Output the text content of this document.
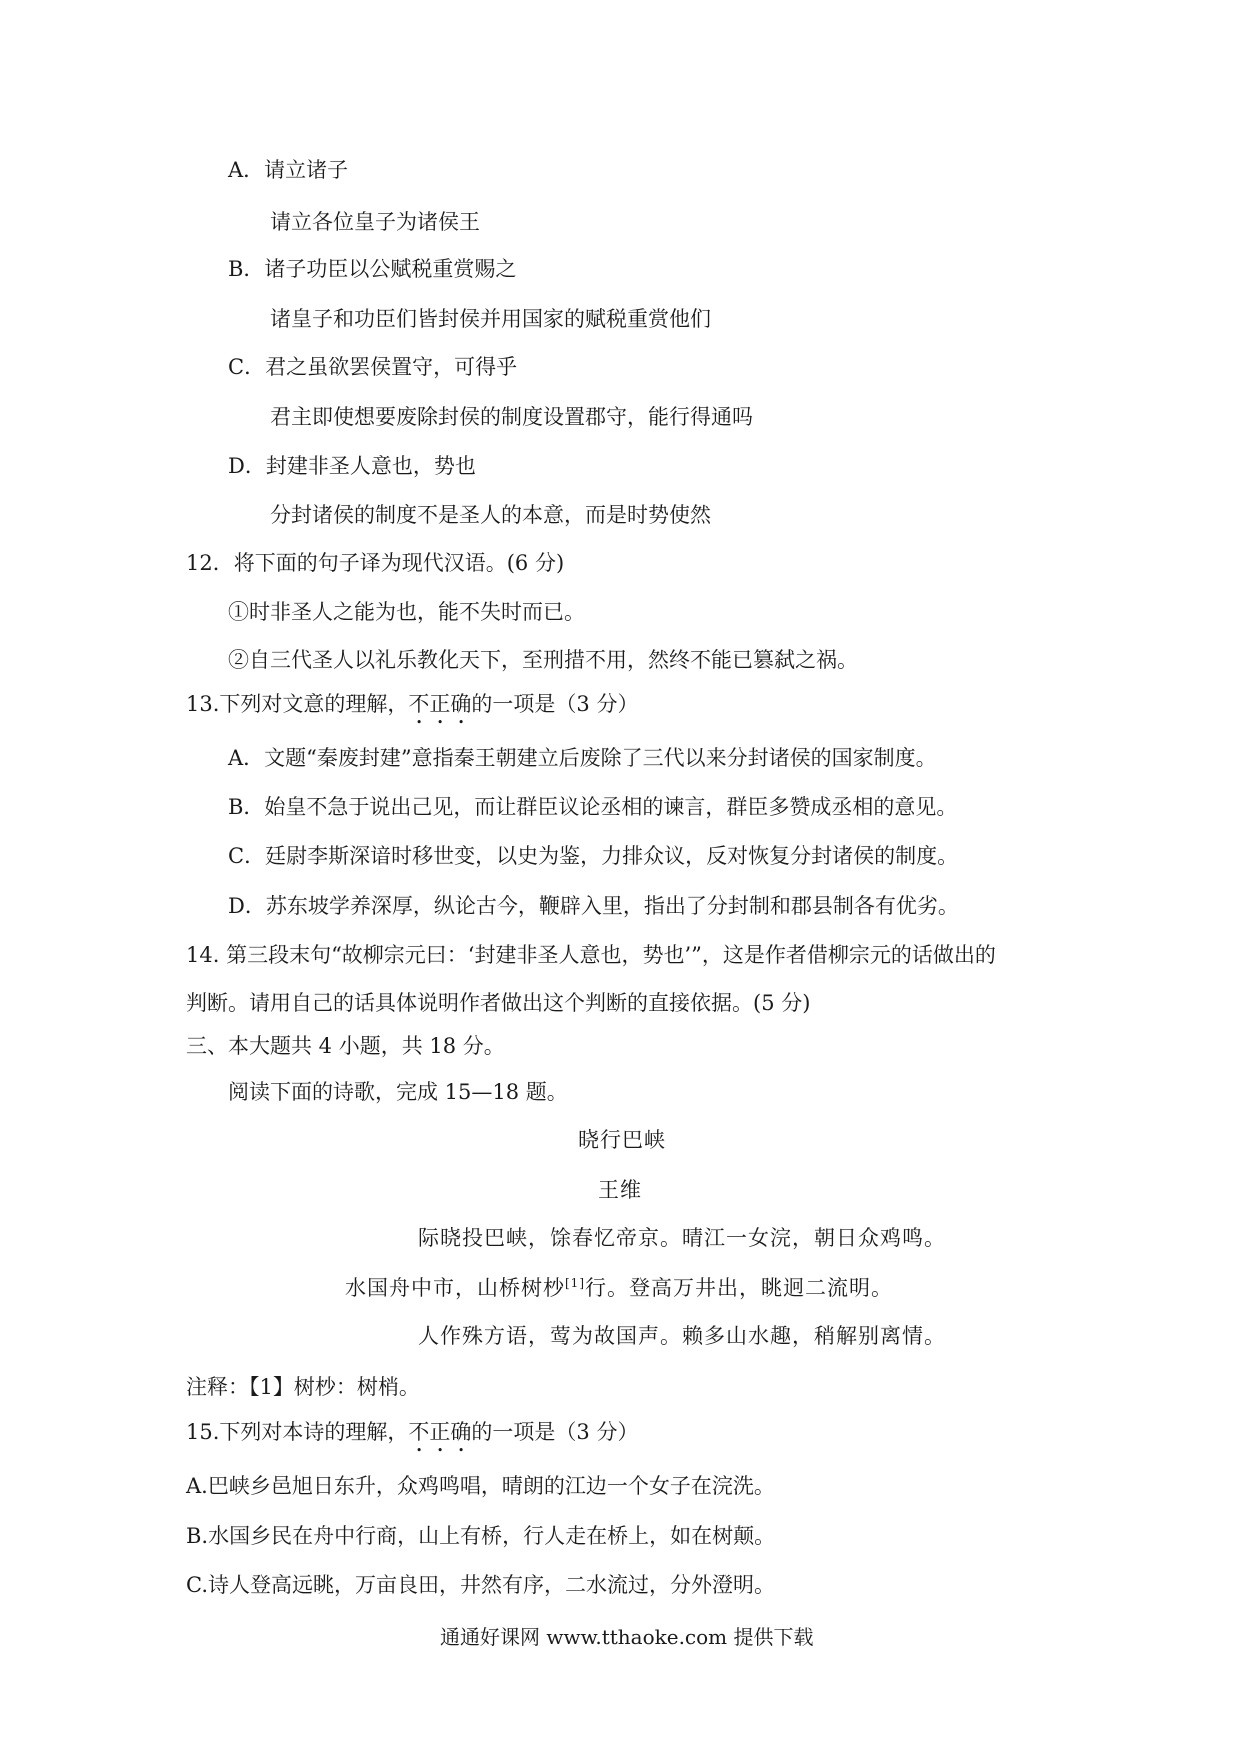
A．请立诸子
请立各位皇子为诸侯王
B．诸子功臣以公赋税重赏赐之
诸皇子和功臣们皆封侯并用国家的赋税重赏他们
C．君之虽欲罢侯置守，可得乎
君主即使想要废除封侯的制度设置郡守，能行得通吗
D．封建非圣人意也，势也
分封诸侯的制度不是圣人的本意，而是时势使然
12．将下面的句子译为现代汉语。(6 分)
①时非圣人之能为也，能不失时而已。
②自三代圣人以礼乐教化天下，至刑措不用，然终不能已篡弑之祸。
13.下列对文意的理解，不正确的一项是（3 分）
A．文题“秦废封建”意指秦王朝建立后废除了三代以来分封诸侯的国家制度。
B．始皇不急于说出己见，而让群臣议论丞相的谏言，群臣多赞成丞相的意见。
C．廷尉李斯深谙时移世变，以史为鉴，力排众议，反对恢复分封诸侯的制度。
D．苏东坡学养深厚，纵论古今，鞭辟入里，指出了分封制和郡县制各有优劣。
14. 第三段末句“故柳宗元曰：‘封建非圣人意也，势也’”，这是作者借柳宗元的话做出的
判断。请用自己的话具体说明作者做出这个判断的直接依据。(5 分)
三、本大题共 4 小题，共 18 分。
阅读下面的诗歌，完成 15—18 题。
晓行巴峡
王维
际晓投巴峡，馀春忆帝京。晴江一女浣，朝日众鸡鸣。
水国舟中市，山桥树杪[1]行。登高万井出，眺迥二流明。
人作殊方语，莺为故国声。赖多山水趣，稍解别离情。
注释：【1】树杪：树梢。
15.下列对本诗的理解，不正确的一项是（3 分）
A.巴峡乡邑旭日东升，众鸡鸣唱，晴朗的江边一个女子在浣洗。
B.水国乡民在舟中行商，山上有桥，行人走在桥上，如在树颠。
C.诗人登高远眺，万亩良田，井然有序，二水流过，分外澄明。
通通好课网 www.tthaoke.com 提供下载
